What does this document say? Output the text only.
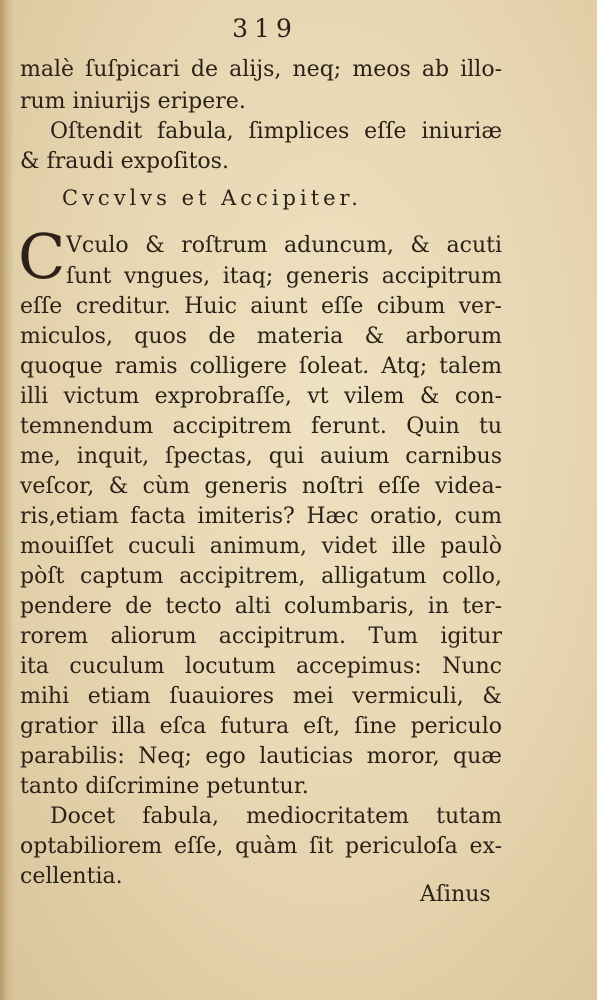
319
malè ſuſpicari de alijs, neq; meos ab illo-
rum iniurijs eripere.
Oſtendit fabula, ſimplices eſſe iniuriæ
& fraudi expoſitos.
Cvcvlvs et Accipiter.
C Vculo & roſtrum aduncum, & acuti
ſunt vngues, itaq; generis accipitrum
eſſe creditur. Huic aiunt eſſe cibum ver-
miculos, quos de materia & arborum
quoque ramis colligere ſoleat. Atq; talem
illi victum exprobraſſe, vt vilem & con-
temnendum accipitrem ferunt. Quin tu
me, inquit, ſpectas, qui auium carnibus
veſcor, & cùm generis noſtri eſſe videa-
ris,etiam facta imiteris? Hæc oratio, cum
mouiſſet cuculi animum, videt ille paulò
pòſt captum accipitrem, alligatum collo,
pendere de tecto alti columbaris, in ter-
rorem aliorum accipitrum. Tum igitur
ita cuculum locutum accepimus: Nunc
mihi etiam ſuauiores mei vermiculi, &
gratior illa eſca futura eſt, ſine periculo
parabilis: Neq; ego lauticias moror, quæ
tanto diſcrimine petuntur.
Docet fabula, mediocritatem tutam
optabiliorem eſſe, quàm ſit periculoſa ex-
cellentia.
Aſinus
